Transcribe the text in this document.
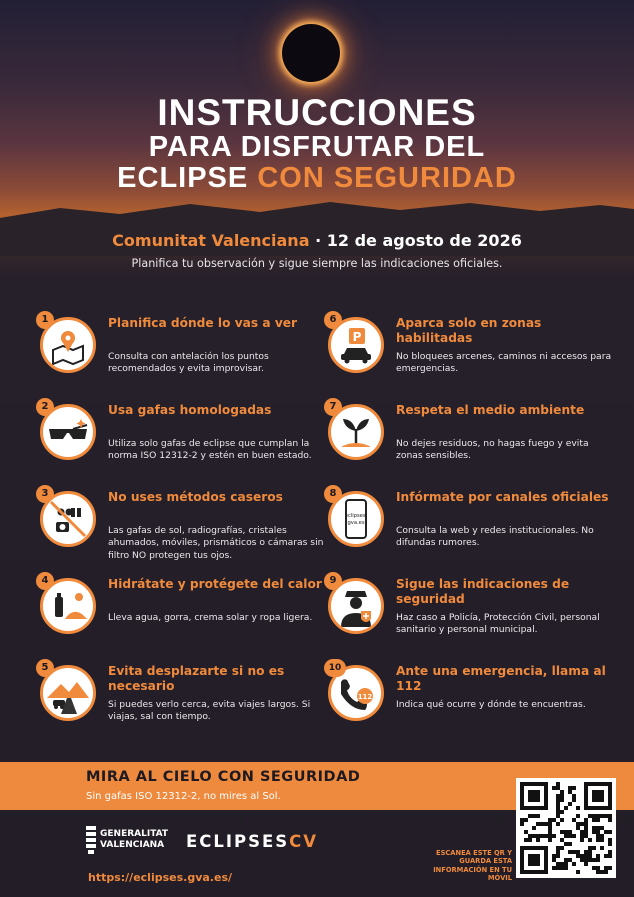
INSTRUCCIONES
PARA DISFRUTAR DEL
ECLIPSE CON SEGURIDAD
Comunitat Valenciana · 12 de agosto de 2026
Planifica tu observación y sigue siempre las indicaciones oficiales.
1	Planifica dónde lo vas a ver
Consulta con antelación los puntos recomendados y evita improvisar.
2	Usa gafas homologadas
Utiliza solo gafas de eclipse que cumplan la norma ISO 12312-2 y estén en buen estado.
3	No uses métodos caseros
Las gafas de sol, radiografías, cristales ahumados, móviles, prismáticos o cámaras sin filtro NO protegen tus ojos.
4	Hidrátate y protégete del calor
Lleva agua, gorra, crema solar y ropa ligera.
5	Evita desplazarte si no es necesario
Si puedes verlo cerca, evita viajes largos. Si viajas, sal con tiempo.
6
P
Aparca solo en zonas habilitadas
No bloquees arcenes, caminos ni accesos para emergencias.
7	Respeta el medio ambiente
No dejes residuos, no hagas fuego y evita zonas sensibles.
8
eclipses.
gva.es
Infórmate por canales oficiales
Consulta la web y redes institucionales. No difundas rumores.
9	Sigue las indicaciones de seguridad
Haz caso a Policía, Protección Civil, personal sanitario y personal municipal.
10
112
Ante una emergencia, llama al 112
Indica qué ocurre y dónde te encuentras.
MIRA AL CIELO CON SEGURIDAD
Sin gafas ISO 12312-2, no mires al Sol.
GENERALITAT
VALENCIANA ECLIPSESCV
https://eclipses.gva.es/
ESCANEA ESTE QR Y GUARDA ESTA INFORMACIÓN EN TU MÓVIL
